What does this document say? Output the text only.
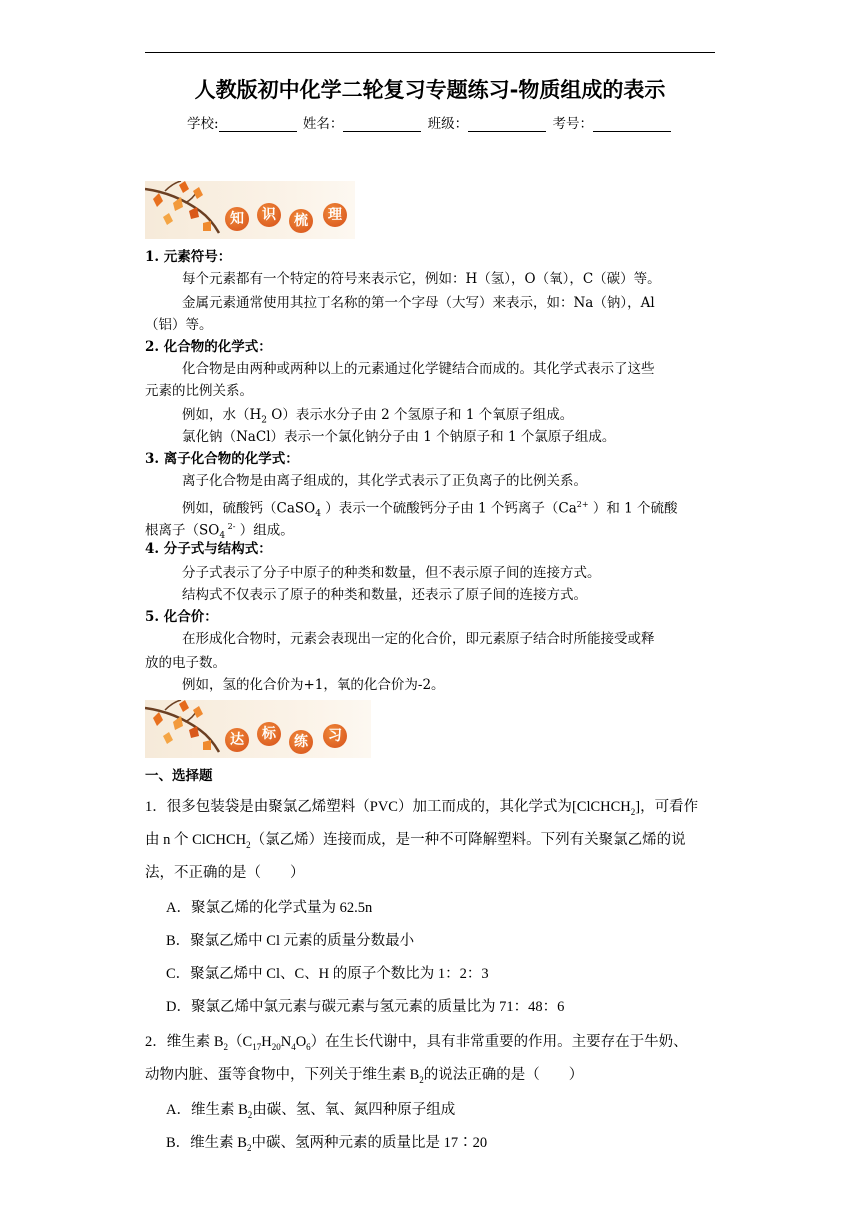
人教版初中化学二轮复习专题练习-物质组成的表示
学校:	姓名：	班级：	考号：
知	识	梳	理
1. 元素符号：
每个元素都有一个特定的符号来表示它，例如：H（氢），O（氧），C（碳）等。
金属元素通常使用其拉丁名称的第一个字母（大写）来表示，如：Na（钠），Al
（铝）等。
2. 化合物的化学式：
化合物是由两种或两种以上的元素通过化学键结合而成的。其化学式表示了这些
元素的比例关系。
例如，水（$H_2$ O）表示水分子由 2 个氢原子和 1 个氧原子组成。
氯化钠（NaCl）表示一个氯化钠分子由 1 个钠原子和 1 个氯原子组成。
3. 离子化合物的化学式：
离子化合物是由离子组成的，其化学式表示了正负离子的比例关系。
例如，硫酸钙（CaSO$_4$ ）表示一个硫酸钙分子由 1 个钙离子（$Ca^{2+}$ ）和 1 个硫酸
根离子（$SO_4$ $^{2-}$ ）组成。
4. 分子式与结构式：
分子式表示了分子中原子的种类和数量，但不表示原子间的连接方式。
结构式不仅表示了原子的种类和数量，还表示了原子间的连接方式。
5. 化合价：
在形成化合物时，元素会表现出一定的化合价，即元素原子结合时所能接受或释
放的电子数。
例如，氢的化合价为+1，氧的化合价为-2。
达	标	练	习
一、选择题
1．很多包装袋是由聚氯乙烯塑料（PVC）加工而成的，其化学式为[ClCHCH$_2$]，可看作
由 n 个 ClCHCH$_2$（氯乙烯）连接而成，是一种不可降解塑料。下列有关聚氯乙烯的说
法，不正确的是（　　）
A．聚氯乙烯的化学式量为 62.5n
B．聚氯乙烯中 Cl 元素的质量分数最小
C．聚氯乙烯中 Cl、C、H 的原子个数比为 1：2：3
D．聚氯乙烯中氯元素与碳元素与氢元素的质量比为 71：48：6
2．维生素 $B_2(C_{17}H_{20}N_4O_6)$在生长代谢中，具有非常重要的作用。主要存在于牛奶、
动物内脏、蛋等食物中，下列关于维生素 $B_2$的说法正确的是（　　）
A．维生素 $B_2$由碳、氢、氧、氮四种原子组成
B．维生素 $B_2$中碳、氢两种元素的质量比是 17∶20
